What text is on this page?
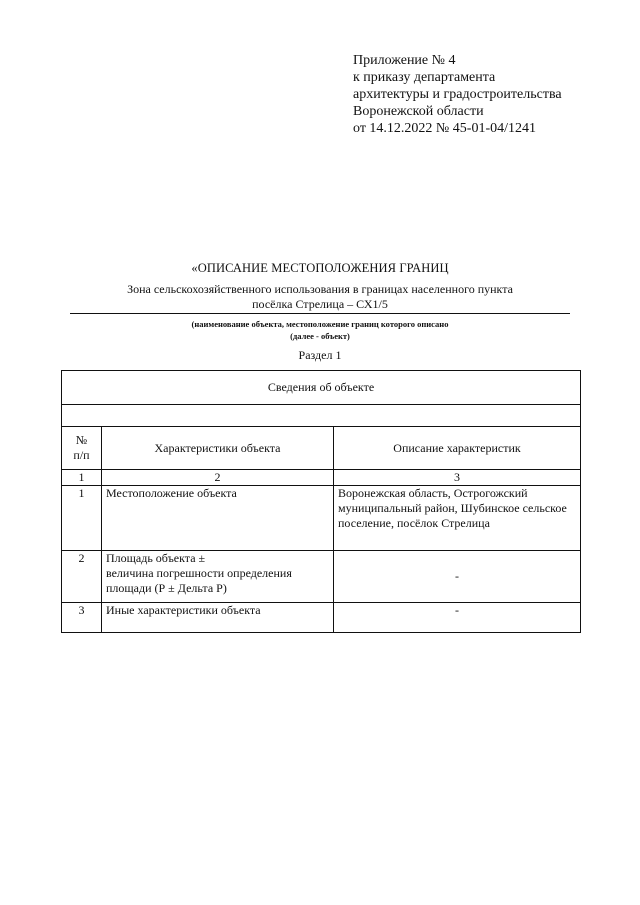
Приложение № 4
к приказу департамента
архитектуры и градостроительства
Воронежской области
от 14.12.2022 № 45-01-04/1241
«ОПИСАНИЕ МЕСТОПОЛОЖЕНИЯ ГРАНИЦ
Зона сельскохозяйственного использования в границах населенного пункта
посёлка Стрелица – СХ1/5
(наименование объекта, местоположение границ которого описано
(далее - объект)
Раздел 1
Сведения об объекте		

№
п/п	Характеристики объекта	Описание характеристик
1	2	3
1	Местоположение объекта	Воронежская область, Острогожский муниципальный район, Шубинское сельское поселение, посёлок Стрелица
2	Площадь объекта ±
величина погрешности определения площади (Р ± Дельта Р)	-
3	Иные характеристики объекта	-
